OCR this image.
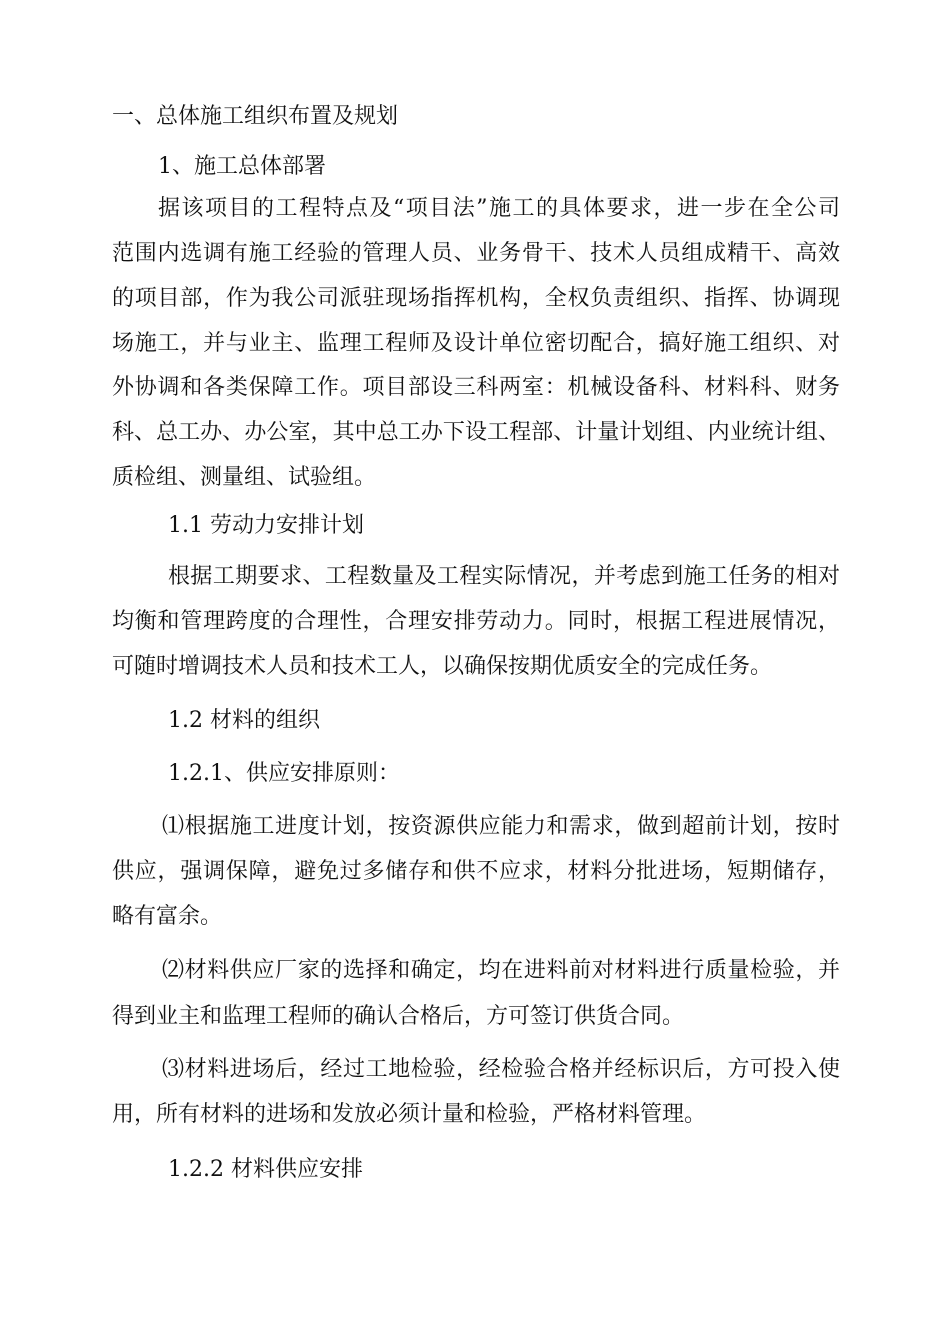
一、总体施工组织布置及规划
1、施工总体部署
据该项目的工程特点及“项目法”施工的具体要求，进一步在全公司
范围内选调有施工经验的管理人员、业务骨干、技术人员组成精干、高效
的项目部，作为我公司派驻现场指挥机构，全权负责组织、指挥、协调现
场施工，并与业主、监理工程师及设计单位密切配合，搞好施工组织、对
外协调和各类保障工作。项目部设三科两室：机械设备科、材料科、财务
科、总工办、办公室，其中总工办下设工程部、计量计划组、内业统计组、
质检组、测量组、试验组。
1.1 劳动力安排计划
根据工期要求、工程数量及工程实际情况，并考虑到施工任务的相对
均衡和管理跨度的合理性，合理安排劳动力。同时，根据工程进展情况，
可随时增调技术人员和技术工人，以确保按期优质安全的完成任务。
1.2 材料的组织
1.2.1、供应安排原则：
⑴根据施工进度计划，按资源供应能力和需求，做到超前计划，按时
供应，强调保障，避免过多储存和供不应求，材料分批进场，短期储存，
略有富余。
⑵材料供应厂家的选择和确定，均在进料前对材料进行质量检验，并
得到业主和监理工程师的确认合格后，方可签订供货合同。
⑶材料进场后，经过工地检验，经检验合格并经标识后，方可投入使
用，所有材料的进场和发放必须计量和检验，严格材料管理。
1.2.2 材料供应安排
